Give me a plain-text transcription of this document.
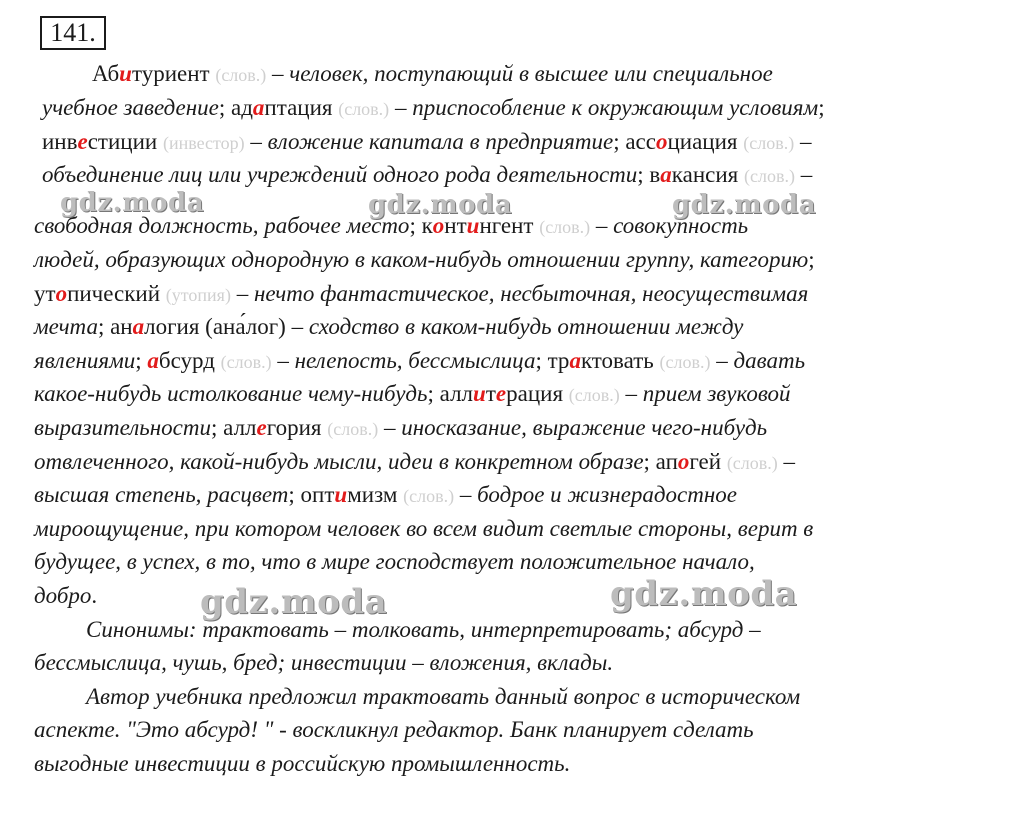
141.
Абитуриент (слов.) – человек, поступающий в высшее или специальное
учебное заведение; адаптация (слов.) – приспособление к окружающим условиям;
инвестиции (инвестор) – вложение капитала в предприятие; ассоциация (слов.) –
объединение лиц или учреждений одного рода деятельности; вакансия (слов.) –
свободная должность, рабочее место; контингент (слов.) – совокупность
людей, образующих однородную в каком-нибудь отношении группу, категорию;
утопический (утопия) – нечто фантастическое, несбыточная, неосуществимая
мечта; аналогия (ана́лог) – сходство в каком-нибудь отношении между
явлениями; абсурд (слов.) – нелепость, бессмыслица; трактовать (слов.) – давать
какое-нибудь истолкование чему-нибудь; аллитерация (слов.) – прием звуковой
выразительности; аллегория (слов.) – иносказание, выражение чего-нибудь
отвлеченного, какой-нибудь мысли, идеи в конкретном образе; апогей (слов.) –
высшая степень, расцвет; оптимизм (слов.) – бодрое и жизнерадостное
мироощущение, при котором человек во всем видит светлые стороны, верит в
будущее, в успех, в то, что в мире господствует положительное начало,
добро.
Синонимы: трактовать – толковать, интерпретировать; абсурд –
бессмыслица, чушь, бред; инвестиции – вложения, вклады.
Автор учебника предложил трактовать данный вопрос в историческом
аспекте. "Это абсурд! " - воскликнул редактор. Банк планирует сделать
выгодные инвестиции в российскую промышленность.
gdz.moda	gdz.moda	gdz.moda
gdz.moda	gdz.moda
